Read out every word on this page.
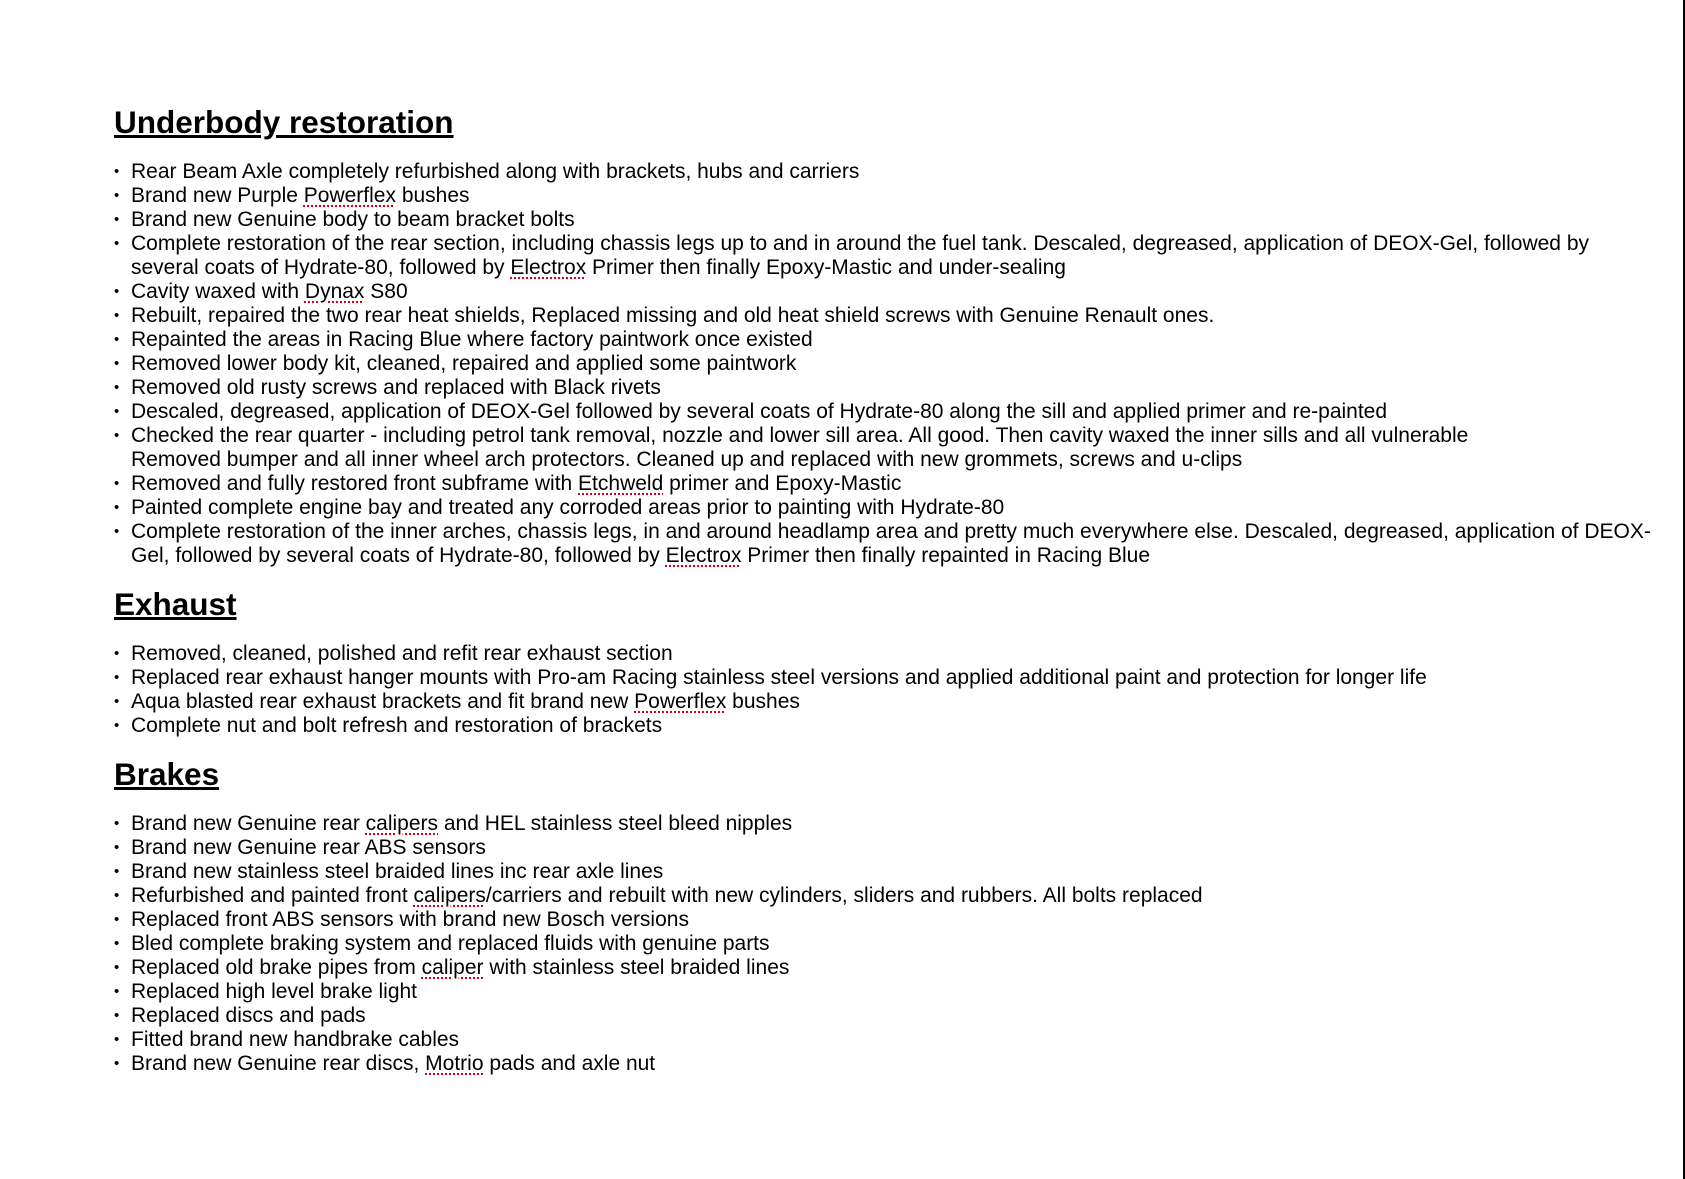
Underbody restoration
• Rear Beam Axle completely refurbished along with brackets, hubs and carriers
• Brand new Purple Powerflex bushes
• Brand new Genuine body to beam bracket bolts
• Complete restoration of the rear section, including chassis legs up to and in around the fuel tank. Descaled, degreased, application of DEOX-Gel, followed by several coats of Hydrate-80, followed by Electrox Primer then finally Epoxy-Mastic and under-sealing
• Cavity waxed with Dynax S80
• Rebuilt, repaired the two rear heat shields, Replaced missing and old heat shield screws with Genuine Renault ones.
• Repainted the areas in Racing Blue where factory paintwork once existed
• Removed lower body kit, cleaned, repaired and applied some paintwork
• Removed old rusty screws and replaced with Black rivets
• Descaled, degreased, application of DEOX-Gel followed by several coats of Hydrate-80 along the sill and applied primer and re-painted
• Checked the rear quarter - including petrol tank removal, nozzle and lower sill area. All good. Then cavity waxed the inner sills and all vulnerable
Removed bumper and all inner wheel arch protectors. Cleaned up and replaced with new grommets, screws and u-clips
• Removed and fully restored front subframe with Etchweld primer and Epoxy-Mastic
• Painted complete engine bay and treated any corroded areas prior to painting with Hydrate-80
• Complete restoration of the inner arches, chassis legs, in and around headlamp area and pretty much everywhere else. Descaled, degreased, application of DEOX-Gel, followed by several coats of Hydrate-80, followed by Electrox Primer then finally repainted in Racing Blue
Exhaust
• Removed, cleaned, polished and refit rear exhaust section
• Replaced rear exhaust hanger mounts with Pro-am Racing stainless steel versions and applied additional paint and protection for longer life
• Aqua blasted rear exhaust brackets and fit brand new Powerflex bushes
• Complete nut and bolt refresh and restoration of brackets
Brakes
• Brand new Genuine rear calipers and HEL stainless steel bleed nipples
• Brand new Genuine rear ABS sensors
• Brand new stainless steel braided lines inc rear axle lines
• Refurbished and painted front calipers/carriers and rebuilt with new cylinders, sliders and rubbers. All bolts replaced
• Replaced front ABS sensors with brand new Bosch versions
• Bled complete braking system and replaced fluids with genuine parts
• Replaced old brake pipes from caliper with stainless steel braided lines
• Replaced high level brake light
• Replaced discs and pads
• Fitted brand new handbrake cables
• Brand new Genuine rear discs, Motrio pads and axle nut
